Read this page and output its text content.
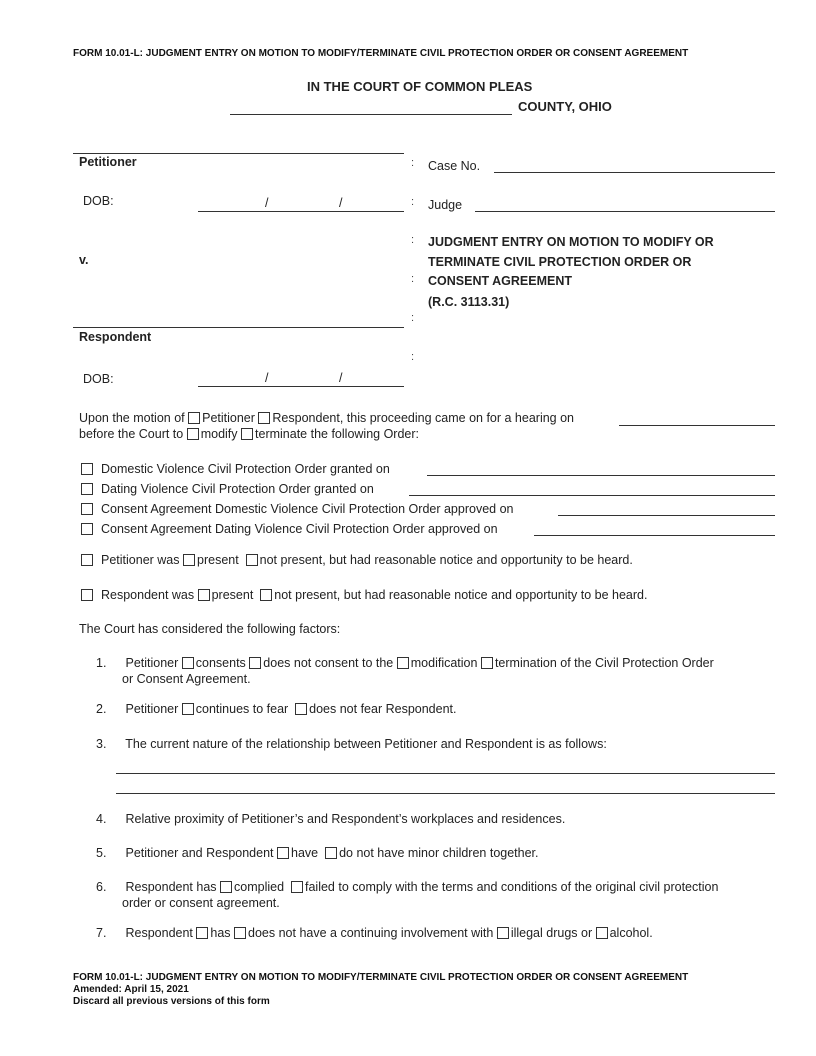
FORM 10.01-L: JUDGMENT ENTRY ON MOTION TO MODIFY/TERMINATE CIVIL PROTECTION ORDER OR CONSENT AGREEMENT
IN THE COURT OF COMMON PLEAS
COUNTY, OHIO
Petitioner
DOB:	/	/
v.
Respondent
DOB:	/	/
:
:
:
:
:
:
Case No.
Judge
JUDGMENT ENTRY ON MOTION TO MODIFY OR
TERMINATE CIVIL PROTECTION ORDER OR
CONSENT AGREEMENT
(R.C. 3113.31)
Upon the motion of Petitioner Respondent, this proceeding came on for a hearing on
before the Court to modify terminate the following Order:
Domestic Violence Civil Protection Order granted on
Dating Violence Civil Protection Order granted on
Consent Agreement Domestic Violence Civil Protection Order approved on
Consent Agreement Dating Violence Civil Protection Order approved on
Petitioner was present not present, but had reasonable notice and opportunity to be heard.
Respondent was present not present, but had reasonable notice and opportunity to be heard.
The Court has considered the following factors:
1. Petitioner consents does not consent to the modification termination of the Civil Protection Order
or Consent Agreement.
2. Petitioner continues to fear does not fear Respondent.
3. The current nature of the relationship between Petitioner and Respondent is as follows:
4. Relative proximity of Petitioner’s and Respondent’s workplaces and residences.
5. Petitioner and Respondent have do not have minor children together.
6. Respondent has complied failed to comply with the terms and conditions of the original civil protection
order or consent agreement.
7. Respondent has does not have a continuing involvement with illegal drugs or alcohol.
FORM 10.01-L: JUDGMENT ENTRY ON MOTION TO MODIFY/TERMINATE CIVIL PROTECTION ORDER OR CONSENT AGREEMENT
Amended: April 15, 2021
Discard all previous versions of this form
